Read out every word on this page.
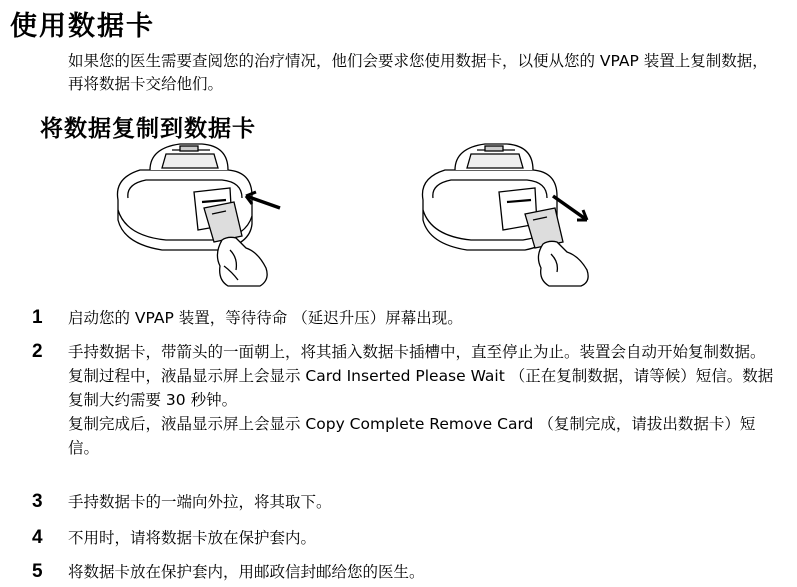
使用数据卡
如果您的医生需要查阅您的治疗情况，他们会要求您使用数据卡，以便从您的 VPAP 装置上复制数据，再将数据卡交给他们。
将数据复制到数据卡
1 启动您的 VPAP 装置，等待待命 （延迟升压）屏幕出现。

2 手持数据卡，带箭头的一面朝上，将其插入数据卡插槽中，直至停止为止。装置会自动开始复制数据。

复制过程中，液晶显示屏上会显示 Card Inserted Please Wait （正在复制数据，请等候）短信。数据复制大约需要 30 秒钟。

复制完成后，液晶显示屏上会显示 Copy Complete Remove Card （复制完成，请拔出数据卡）短信。

3 手持数据卡的一端向外拉，将其取下。

4 不用时，请将数据卡放在保护套内。

5 将数据卡放在保护套内，用邮政信封邮给您的医生。
